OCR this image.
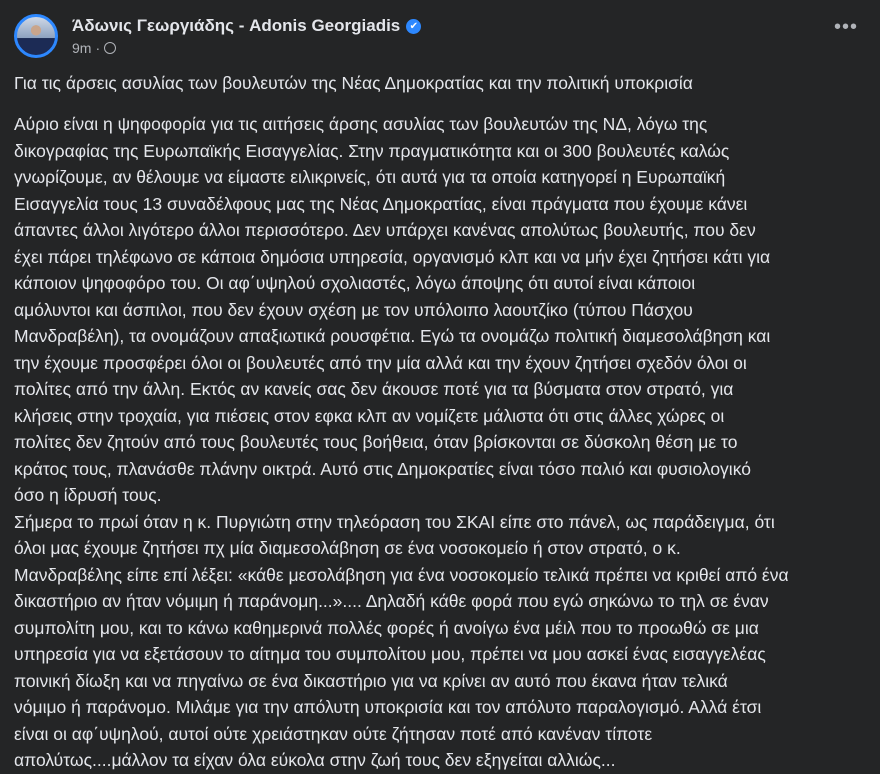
Άδωνις Γεωργιάδης - Adonis Georgiadis ✔
9m ·
•••
Για τις άρσεις ασυλίας των βουλευτών της Νέας Δημοκρατίας και την πολιτική υποκρισία
Αύριο είναι η ψηφοφορία για τις αιτήσεις άρσης ασυλίας των βουλευτών της ΝΔ, λόγω της
δικογραφίας της Ευρωπαϊκής Εισαγγελίας. Στην πραγματικότητα και οι 300 βουλευτές καλώς
γνωρίζουμε, αν θέλουμε να είμαστε ειλικρινείς, ότι αυτά για τα οποία κατηγορεί η Ευρωπαϊκή
Εισαγγελία τους 13 συναδέλφους μας της Νέας Δημοκρατίας, είναι πράγματα που έχουμε κάνει
άπαντες άλλοι λιγότερο άλλοι περισσότερο. Δεν υπάρχει κανένας απολύτως βουλευτής, που δεν
έχει πάρει τηλέφωνο σε κάποια δημόσια υπηρεσία, οργανισμό κλπ και να μήν έχει ζητήσει κάτι για
κάποιον ψηφοφόρο του. Οι αφ΄υψηλού σχολιαστές, λόγω άποψης ότι αυτοί είναι κάποιοι
αμόλυντοι και άσπιλοι, που δεν έχουν σχέση με τον υπόλοιπο λαουτζίκο (τύπου Πάσχου
Μανδραβέλη), τα ονομάζουν απαξιωτικά ρουσφέτια. Εγώ τα ονομάζω πολιτική διαμεσολάβηση και
την έχουμε προσφέρει όλοι οι βουλευτές από την μία αλλά και την έχουν ζητήσει σχεδόν όλοι οι
πολίτες από την άλλη. Εκτός αν κανείς σας δεν άκουσε ποτέ για τα βύσματα στον στρατό, για
κλήσεις στην τροχαία, για πιέσεις στον εφκα κλπ αν νομίζετε μάλιστα ότι στις άλλες χώρες οι
πολίτες δεν ζητούν από τους βουλευτές τους βοήθεια, όταν βρίσκονται σε δύσκολη θέση με το
κράτος τους, πλανάσθε πλάνην οικτρά. Αυτό στις Δημοκρατίες είναι τόσο παλιό και φυσιολογικό
όσο η ίδρυσή τους.
Σήμερα το πρωί όταν η κ. Πυργιώτη στην τηλεόραση του ΣΚΑΙ είπε στο πάνελ, ως παράδειγμα, ότι
όλοι μας έχουμε ζητήσει πχ μία διαμεσολάβηση σε ένα νοσοκομείο ή στον στρατό, ο κ.
Μανδραβέλης είπε επί λέξει: «κάθε μεσολάβηση για ένα νοσοκομείο τελικά πρέπει να κριθεί από ένα
δικαστήριο αν ήταν νόμιμη ή παράνομη...».... Δηλαδή κάθε φορά που εγώ σηκώνω το τηλ σε έναν
συμπολίτη μου, και το κάνω καθημερινά πολλές φορές ή ανοίγω ένα μέιλ που το προωθώ σε μια
υπηρεσία για να εξετάσουν το αίτημα του συμπολίτου μου, πρέπει να μου ασκεί ένας εισαγγελέας
ποινική δίωξη και να πηγαίνω σε ένα δικαστήριο για να κρίνει αν αυτό που έκανα ήταν τελικά
νόμιμο ή παράνομο. Μιλάμε για την απόλυτη υποκρισία και τον απόλυτο παραλογισμό. Αλλά έτσι
είναι οι αφ΄υψηλού, αυτοί ούτε χρειάστηκαν ούτε ζήτησαν ποτέ από κανέναν τίποτε
απολύτως....μάλλον τα είχαν όλα εύκολα στην ζωή τους δεν εξηγείται αλλιώς...
